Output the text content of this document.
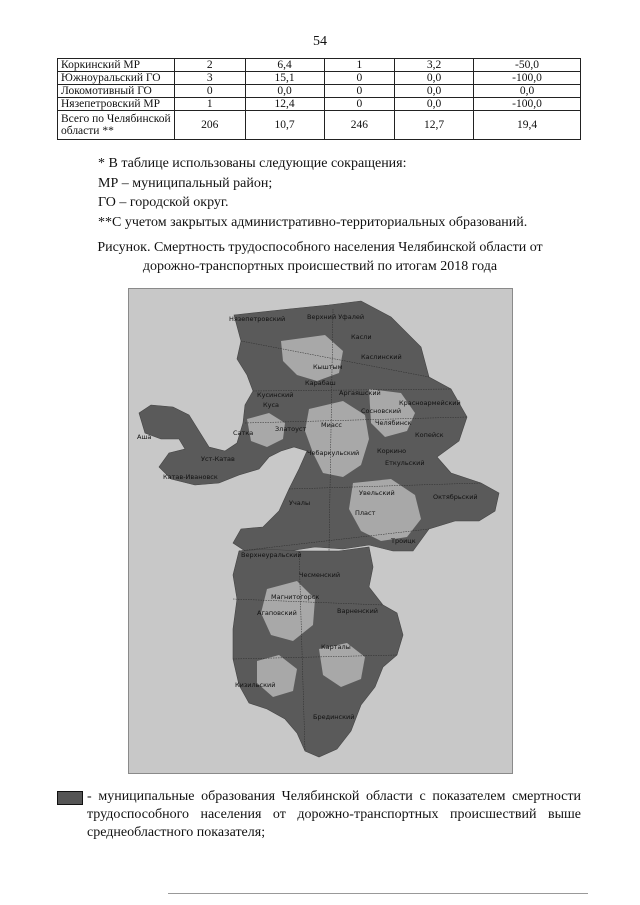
54
Коркинский МР	2	6,4	1	3,2	-50,0
Южноуральский ГО	3	15,1	0	0,0	-100,0
Локомотивный ГО	0	0,0	0	0,0	0,0
Нязепетровский МР	1	12,4	0	0,0	-100,0

Всего по Челябинской
области **	206	10,7	246	12,7	19,4
* В таблице использованы следующие сокращения:
МР – муниципальный район;
ГО – городской округ.
**С учетом закрытых административно-территориальных образований.
Рисунок. Смертность трудоспособного населения Челябинской области от
дорожно-транспортных происшествий по итогам 2018 года
Нязепетровский	Верхний Уфалей
Касли
Каслинский
Кыштым
Карабаш
Кусинский
Куса
Аргаяшский
Красноармейский
Сосновский
Златоуст
Сатка
Аша
Миасс	Челябинск
Копейск
Уст-Катав
Катав-Ивановск
Чебаркульский	Коркино
Еткульский
Увельский
Пласт
Учалы
Троицк
Октябрьский
Верхнеуральский
Чесменский
Магнитогорск
Агаповский	Варненский
Карталы
Кизильский
Брединский
- муниципальные образования Челябинской области с показателем смертности трудоспособного населения от дорожно-транспортных происшествий выше среднеобластного показателя;
